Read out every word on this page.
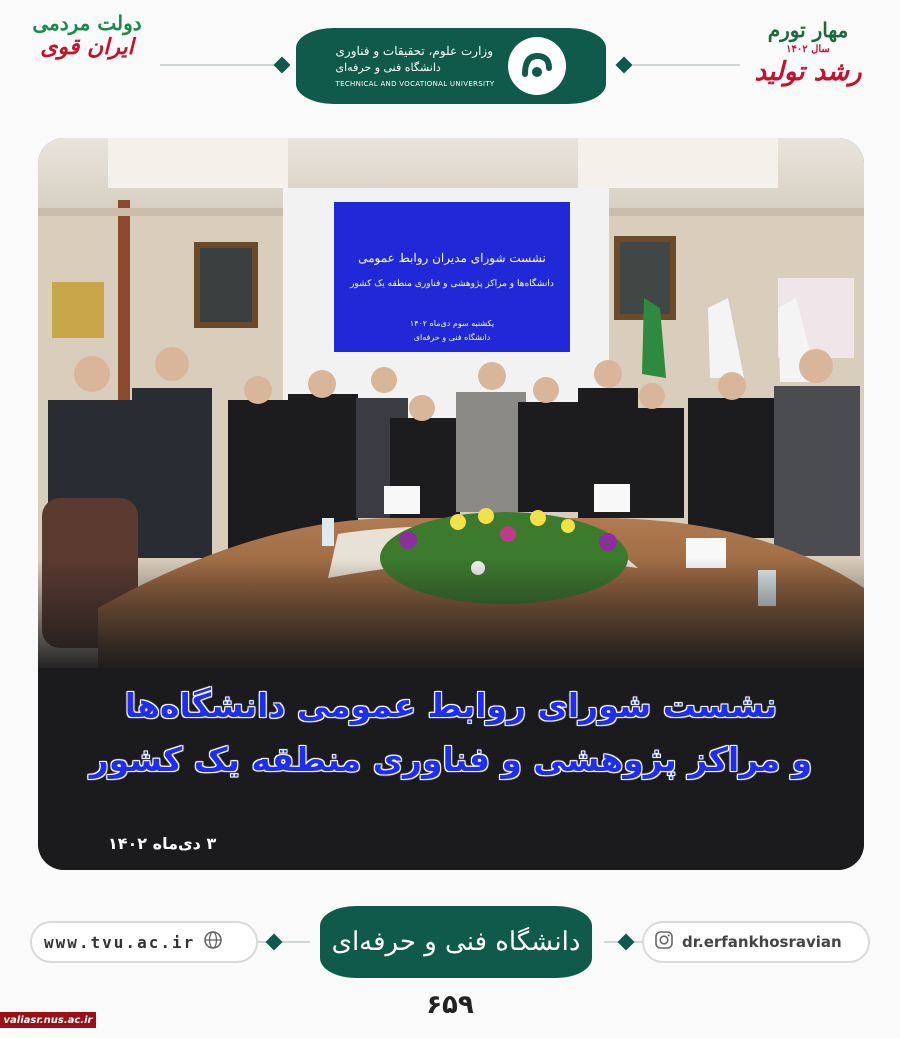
دولت مردمی
ایران قوی	وزارت علوم، تحقیقات و فناوری
دانشگاه فنی و حرفه‌ای
TECHNICAL AND VOCATIONAL UNIVERSITY
مهار تورم
سال ۱۴۰۲
رشد تولید
نشست شورای مدیران روابط عمومی
دانشگاه‌ها و مراکز پژوهشی و فناوری منطقه یک کشور
یکشنبه سوم دی‌ماه ۱۴۰۲
دانشگاه فنی و حرفه‌ای
نشست شورای روابط عمومی دانشگاه‌ها
و مراکز پژوهشی و فناوری منطقه یک کشور
۳ دی‌ماه ۱۴۰۲
www.tvu.ac.ir	دانشگاه فنی و حرفه‌ای	dr.erfankhosravian
۶۵۹
valiasr.nus.ac.ir
